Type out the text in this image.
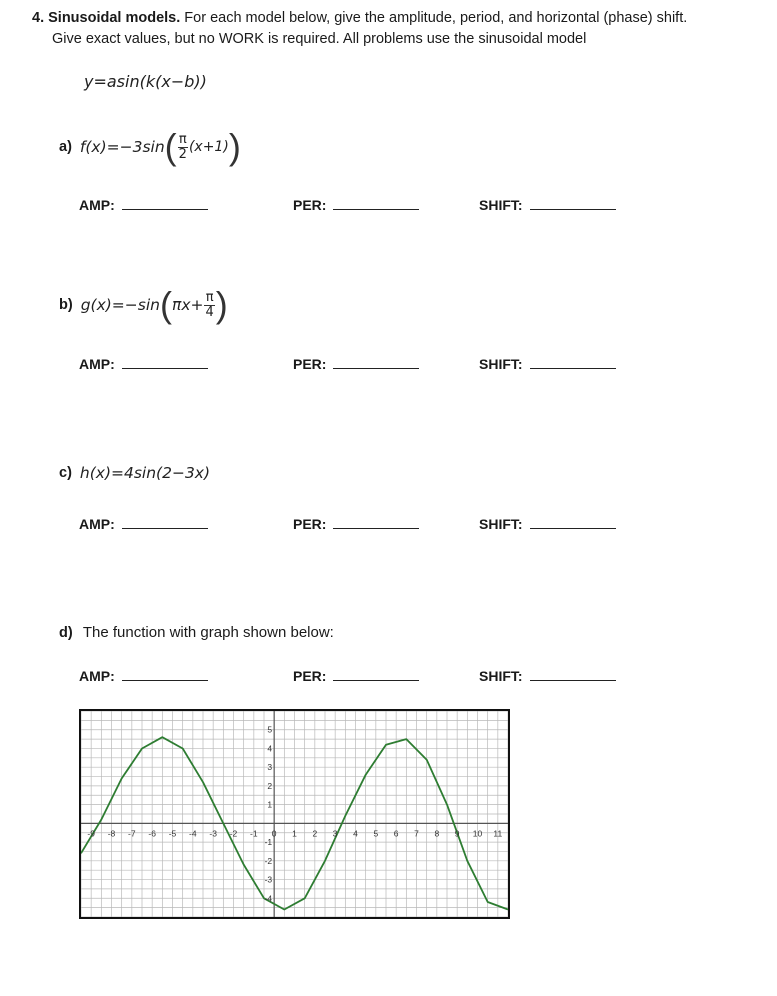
4. Sinusoidal models. For each model below, give the amplitude, period, and horizontal (phase) shift.
Give exact values, but no WORK is required. All problems use the sinusoidal model
y=asin(k(x−b))
a) f(x)=−3sin ( $\frac{\pi}{2} (x+1)$ )
AMP:	PER:	SHIFT:
b) g(x)=−sin ( $\pi x+ \frac{\pi}{4}$ )
AMP:	PER:	SHIFT:
c) h(x)=4sin(2−3x)
AMP:	PER:	SHIFT:
d) The function with graph shown below:
AMP:	PER:	SHIFT:
-9 -8 -7 -6 -5 -4 -3 -2 -1 0 1 2 3 4 5 6 7 8 9 10 11
-4
-3
-2
-1
5
4
3
2
1
